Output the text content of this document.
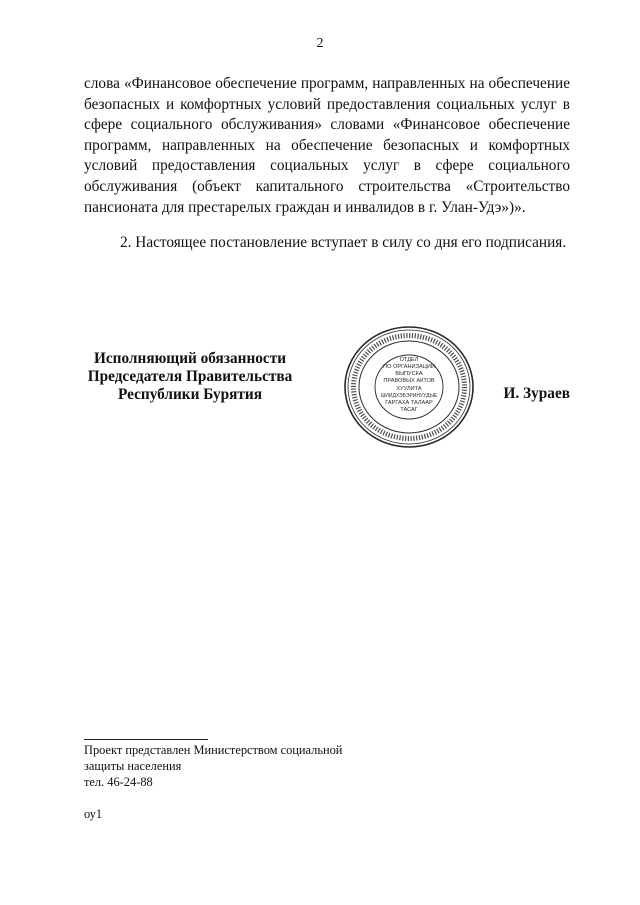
2

слова «Финансовое обеспечение программ, направленных на обеспечение безопасных и комфортных условий предоставления социальных услуг в сфере социального обслуживания» словами «Финансовое обеспечение программ, направленных на обеспечение безопасных и комфортных условий предоставления социальных услуг в сфере социального обслуживания (объект капитального строительства «Строительство пансионата для престарелых граждан и инвалидов в г. Улан-Удэ»)».

2. Настоящее постановление вступает в силу со дня его подписания.

Исполняющий обязанности
Председателя Правительства
Республики Бурятия
ОТДЕЛ
ПО ОРГАНИЗАЦИИ
ВЫПУСКА
ПРАВОВЫХ АКТОВ
ХУУЛИТА
ШИИДХЭБЭРИНУУДЫЕ
ГАРГАХА ТАЛААР
ТАСАГ
И. Зураев
Проект представлен Министерством социальной
защиты населения
тел. 46-24-88
оу1
